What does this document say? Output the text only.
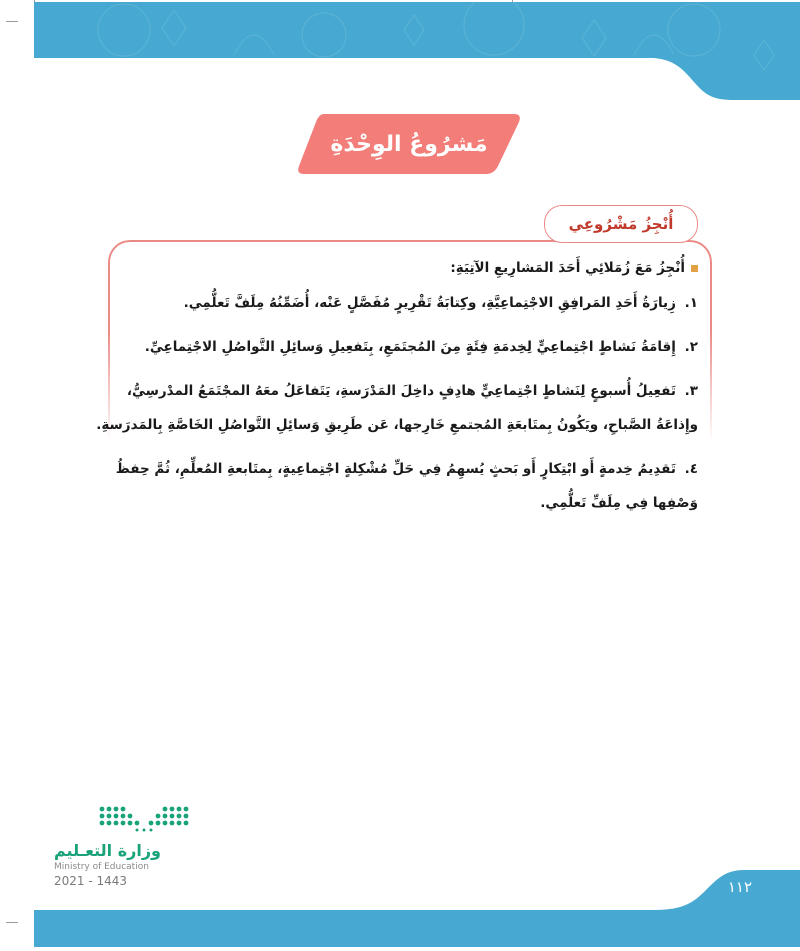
مَشرُوعُ الوِحْدَةِ
أُنْجِزُ مَشْرُوعِي
أُنْجِزُ مَعَ زُمَلائِي أَحَدَ المَشارِيعِ الآتِيَةِ:
١. زِيارَةُ أَحَدِ المَرافِقِ الاجْتِماعِيَّةِ، وكِتابَةُ تَقْرِيرٍ مُفَصَّلٍ عَنْه، أُضَمِّنُهُ مِلَفَّ تَعلُّمِي.
٢. إِقامَةُ نَشاطٍ اجْتِماعِيٍّ لِخِدمَةِ فِئَةٍ مِنَ المُجتَمَعِ، بِتَفعِيلِ وَسائِلِ التَّواصُلِ الاجْتِماعِيِّ.
٣. تَفعِيلُ أُسبوعٍ لِنَشاطٍ اجْتِماعِيٍّ هادِفٍ داخِلَ المَدْرَسةِ، يَتَفاعَلُ معَهُ المجْتَمَعُ المدْرسِيُّ، وإِذاعَةُ الصَّباحِ، ويَكُونُ بِمتَابعَةِ المُجتمعِ خَارِجها، عَن طَرِيقِ وَسائِلِ التَّواصُلِ الخَاصَّةِ بِالمَدرَسةِ.
٤. تَقدِيمُ خِدمةٍ أَو ابْتِكارٍ أَو بَحثٍ يُسهِمُ فِي حَلِّ مُشْكِلةٍ اجْتِماعِيةٍ، بِمتَابعةِ المُعلِّمِ، ثُمَّ حِفظُ وَصْفِها فِي مِلَفِّ تَعلُّمِي.
وزارة التعـليم
Ministry of Education
2021 - 1443	١١٢
